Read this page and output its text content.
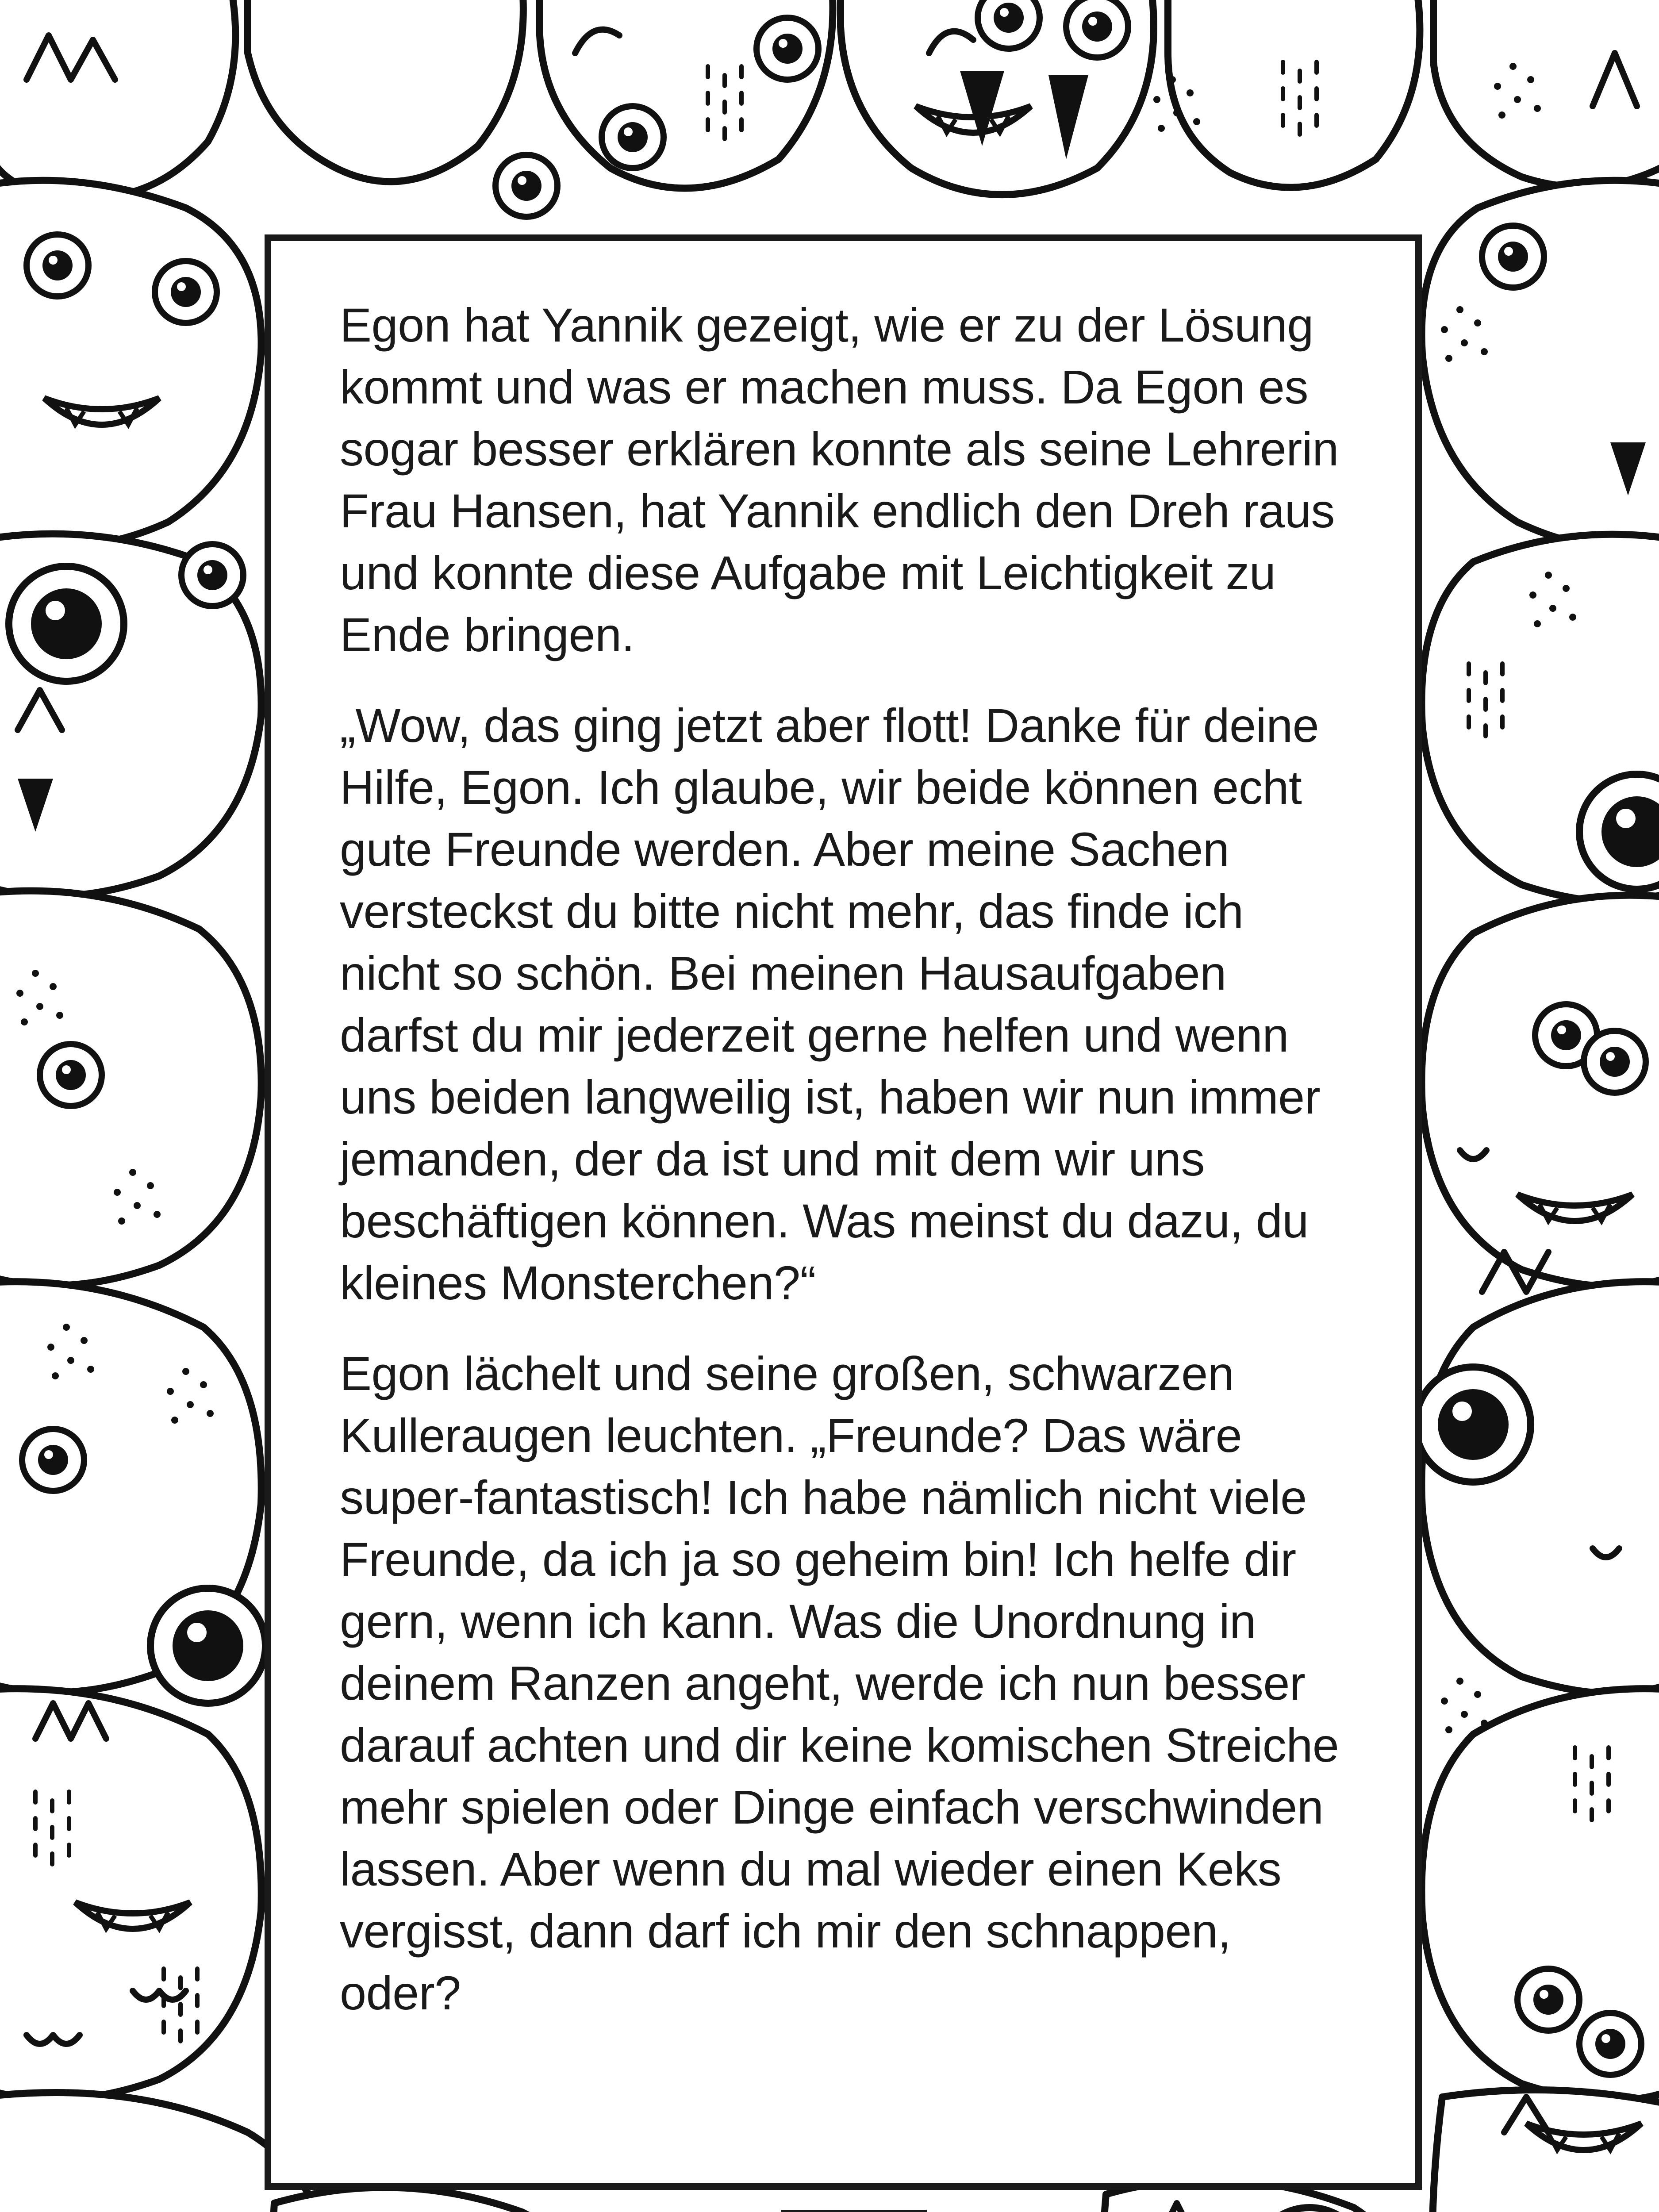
Egon hat Yannik gezeigt, wie er zu der Lösung kommt und was er machen muss. Da Egon es sogar besser erklären konnte als seine Lehrerin Frau Hansen, hat Yannik endlich den Dreh raus und konnte diese Aufgabe mit Leichtigkeit zu Ende bringen.

„Wow, das ging jetzt aber flott! Danke für deine Hilfe, Egon. Ich glaube, wir beide können echt gute Freunde werden. Aber meine Sachen versteckst du bitte nicht mehr, das finde ich nicht so schön. Bei meinen Hausaufgaben darfst du mir jederzeit gerne helfen und wenn uns beiden langweilig ist, haben wir nun immer jemanden, der da ist und mit dem wir uns beschäftigen können. Was meinst du dazu, du kleines Monsterchen?“

Egon lächelt und seine großen, schwarzen Kulleraugen leuchten. „Freunde? Das wäre super-fantastisch! Ich habe nämlich nicht viele Freunde, da ich ja so geheim bin! Ich helfe dir gern, wenn ich kann. Was die Unordnung in deinem Ranzen angeht, werde ich nun besser darauf achten und dir keine komischen Streiche mehr spielen oder Dinge einfach verschwinden lassen. Aber wenn du mal wieder einen Keks vergisst, dann darf ich mir den schnappen, oder?
